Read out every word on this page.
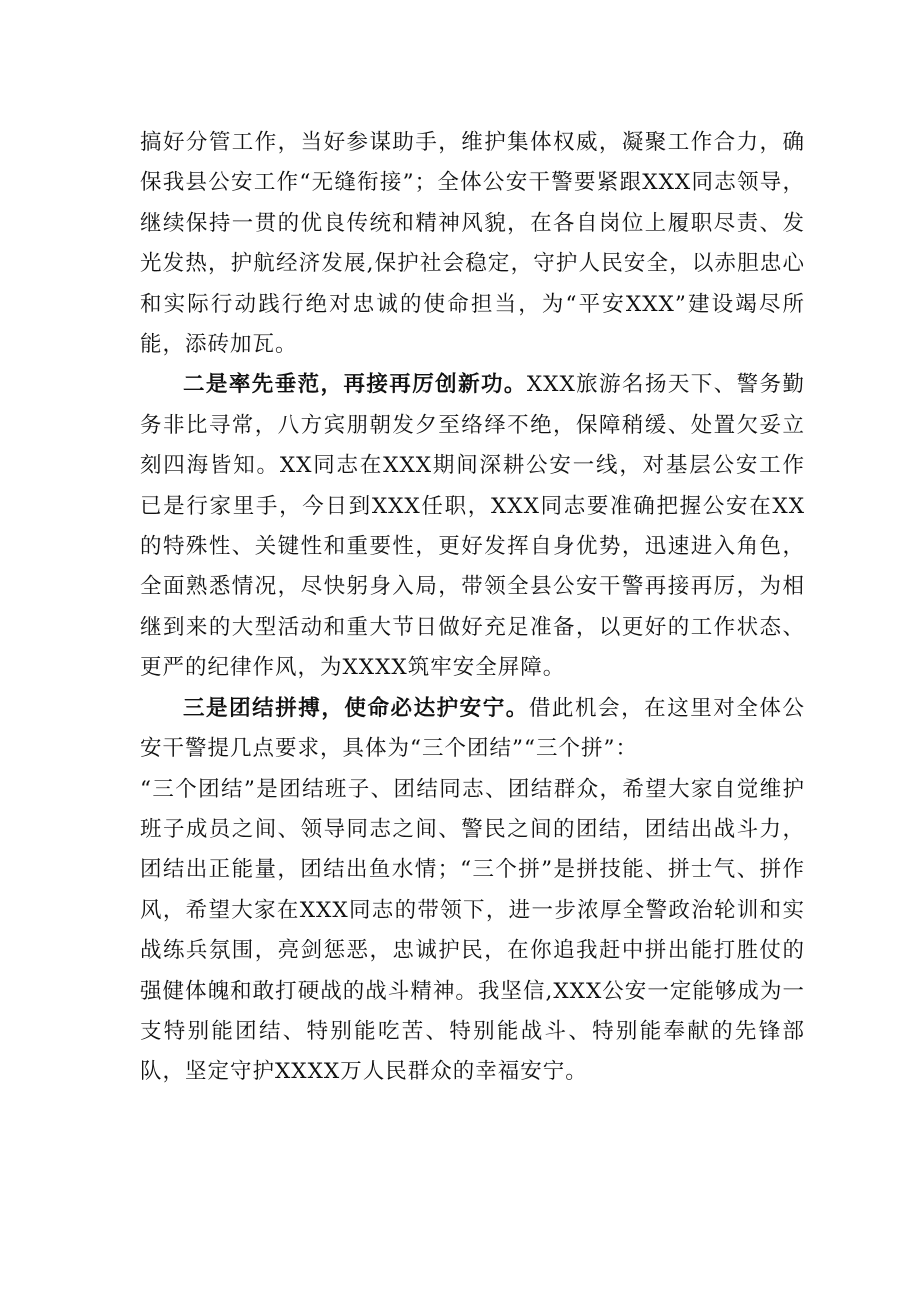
搞好分管工作，当好参谋助手，维护集体权威，凝聚工作合力，确保我县公安工作“无缝衔接”；全体公安干警要紧跟XXX同志领导，继续保持一贯的优良传统和精神风貌，在各自岗位上履职尽责、发光发热，护航经济发展,保护社会稳定，守护人民安全，以赤胆忠心和实际行动践行绝对忠诚的使命担当，为“平安XXX”建设竭尽所能，添砖加瓦。

二是率先垂范，再接再厉创新功。XXX旅游名扬天下、警务勤务非比寻常，八方宾朋朝发夕至络绎不绝，保障稍缓、处置欠妥立刻四海皆知。XX同志在XXX期间深耕公安一线，对基层公安工作已是行家里手，今日到XXX任职，XXX同志要准确把握公安在XX的特殊性、关键性和重要性，更好发挥自身优势，迅速进入角色，全面熟悉情况，尽快躬身入局，带领全县公安干警再接再厉，为相继到来的大型活动和重大节日做好充足准备，以更好的工作状态、更严的纪律作风，为XXXX筑牢安全屏障。

三是团结拼搏，使命必达护安宁。借此机会，在这里对全体公安干警提几点要求，具体为“三个团结”“三个拼”：

“三个团结”是团结班子、团结同志、团结群众，希望大家自觉维护班子成员之间、领导同志之间、警民之间的团结，团结出战斗力，团结出正能量，团结出鱼水情；“三个拼”是拼技能、拼士气、拼作风，希望大家在XXX同志的带领下，进一步浓厚全警政治轮训和实战练兵氛围，亮剑惩恶，忠诚护民，在你追我赶中拼出能打胜仗的强健体魄和敢打硬战的战斗精神。我坚信,XXX公安一定能够成为一支特别能团结、特别能吃苦、特别能战斗、特别能奉献的先锋部队，坚定守护XXXX万人民群众的幸福安宁。
